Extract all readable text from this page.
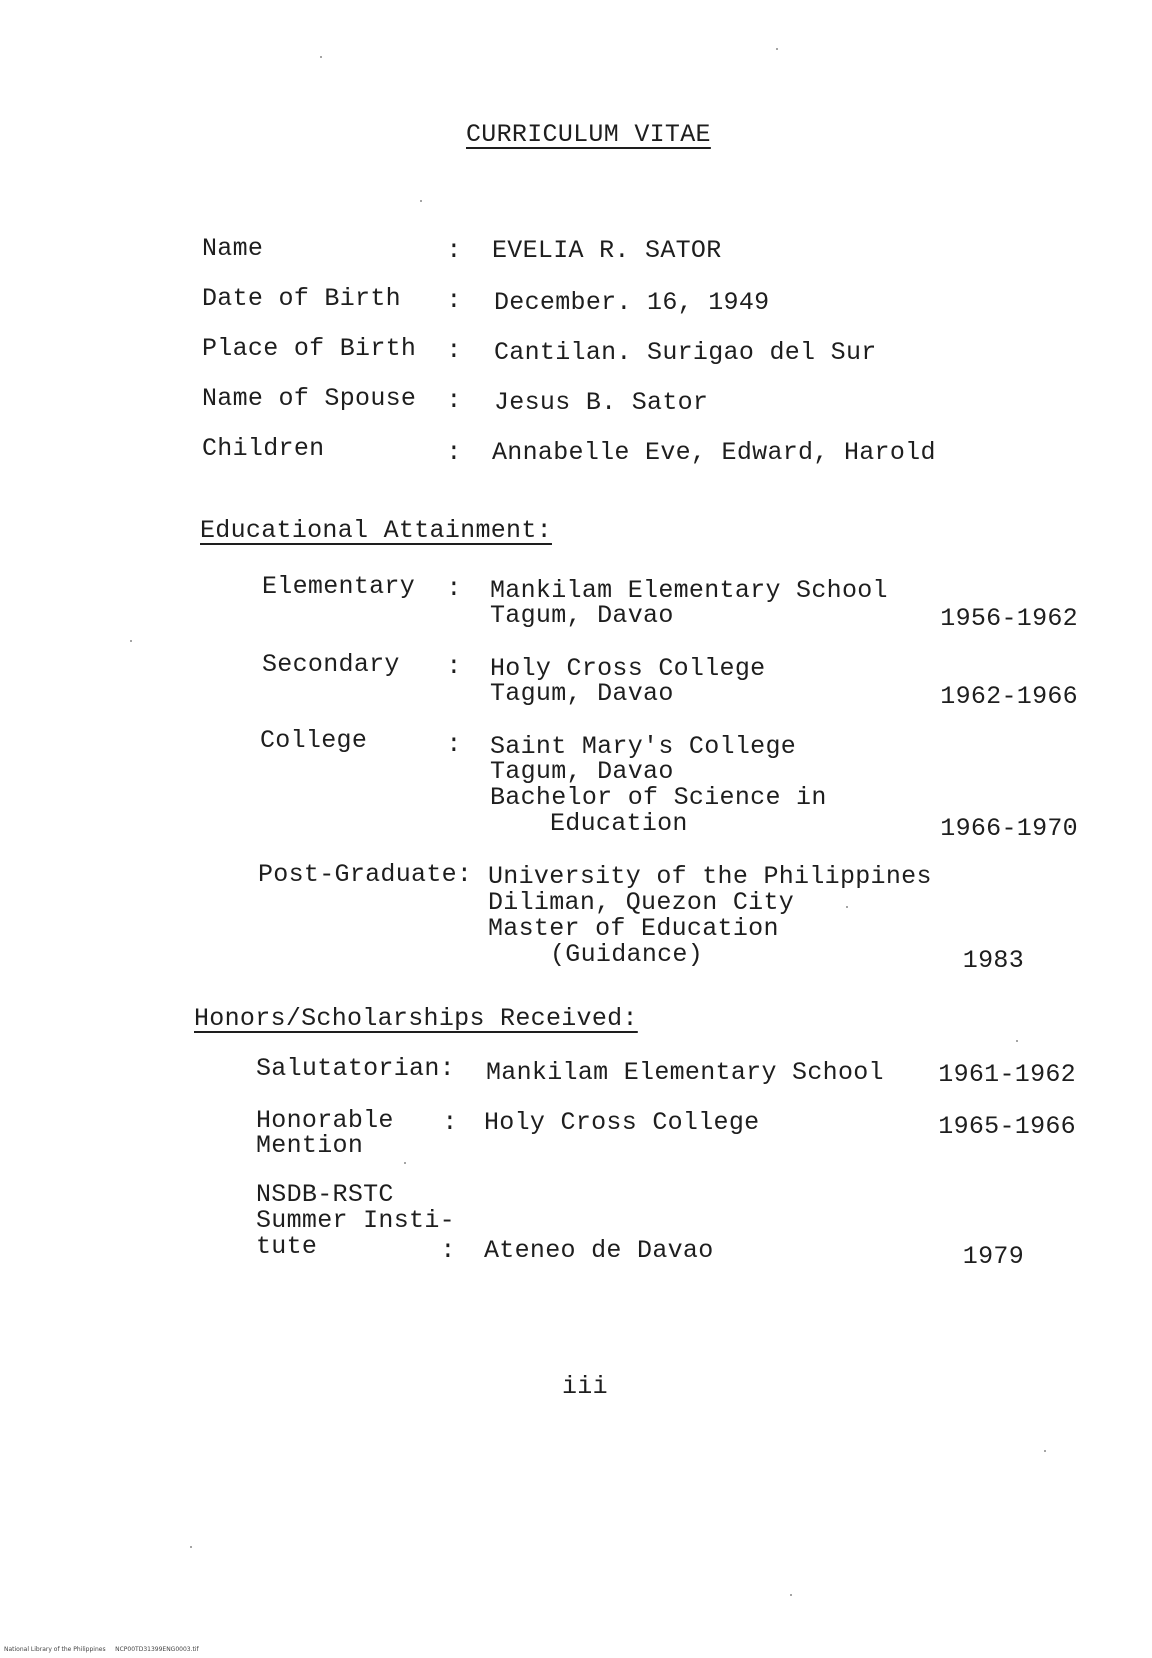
CURRICULUM VITAE
Name	: EVELIA R. SATOR
Date of Birth : December. 16, 1949
Place of Birth : Cantilan. Surigao del Sur
Name of Spouse : Jesus B. Sator
Children	: Annabelle Eve, Edward, Harold
Educational Attainment:
Elementary : Mankilam Elementary School
Tagum, Davao	1956-1962
Secondary : Holy Cross College
Tagum, Davao	1962-1966
College	: Saint Mary's College
Tagum, Davao
Bachelor of Science in
Education	1966-1970
Post-Graduate: University of the Philippines
Diliman, Quezon City
Master of Education
(Guidance)	1983
Honors/Scholarships Received:
Salutatorian: Mankilam Elementary School	1961-1962
Honorable
Mention
: Holy Cross College	1965-1966
NSDB-RSTC
Summer Insti-
tute	: Ateneo de Davao	1979
iii
National Library of the Philippines     NCP00TD31399ENG0003.tif
